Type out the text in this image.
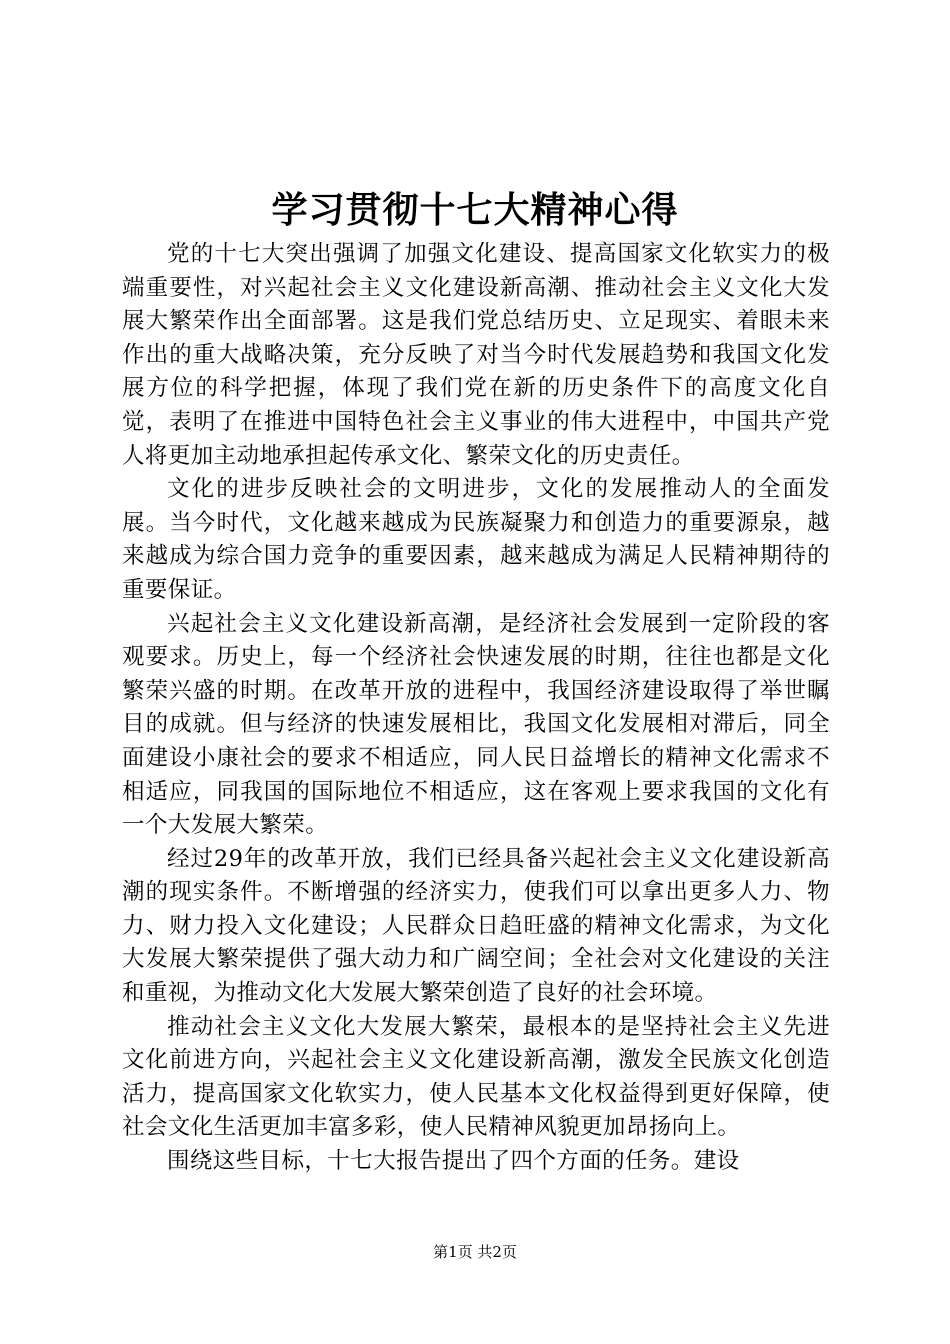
学习贯彻十七大精神心得

党的十七大突出强调了加强文化建设、提高国家文化软实力的极端重要性，对兴起社会主义文化建设新高潮、推动社会主义文化大发展大繁荣作出全面部署。这是我们党总结历史、立足现实、着眼未来作出的重大战略决策，充分反映了对当今时代发展趋势和我国文化发展方位的科学把握，体现了我们党在新的历史条件下的高度文化自觉，表明了在推进中国特色社会主义事业的伟大进程中，中国共产党人将更加主动地承担起传承文化、繁荣文化的历史责任。

文化的进步反映社会的文明进步，文化的发展推动人的全面发展。当今时代，文化越来越成为民族凝聚力和创造力的重要源泉，越来越成为综合国力竞争的重要因素，越来越成为满足人民精神期待的重要保证。

兴起社会主义文化建设新高潮，是经济社会发展到一定阶段的客观要求。历史上，每一个经济社会快速发展的时期，往往也都是文化繁荣兴盛的时期。在改革开放的进程中，我国经济建设取得了举世瞩目的成就。但与经济的快速发展相比，我国文化发展相对滞后，同全面建设小康社会的要求不相适应，同人民日益增长的精神文化需求不相适应，同我国的国际地位不相适应，这在客观上要求我国的文化有一个大发展大繁荣。

经过29年的改革开放，我们已经具备兴起社会主义文化建设新高潮的现实条件。不断增强的经济实力，使我们可以拿出更多人力、物力、财力投入文化建设；人民群众日趋旺盛的精神文化需求，为文化大发展大繁荣提供了强大动力和广阔空间；全社会对文化建设的关注和重视，为推动文化大发展大繁荣创造了良好的社会环境。

推动社会主义文化大发展大繁荣，最根本的是坚持社会主义先进文化前进方向，兴起社会主义文化建设新高潮，激发全民族文化创造活力，提高国家文化软实力，使人民基本文化权益得到更好保障，使社会文化生活更加丰富多彩，使人民精神风貌更加昂扬向上。

围绕这些目标，十七大报告提出了四个方面的任务。建设

第1页 共2页
